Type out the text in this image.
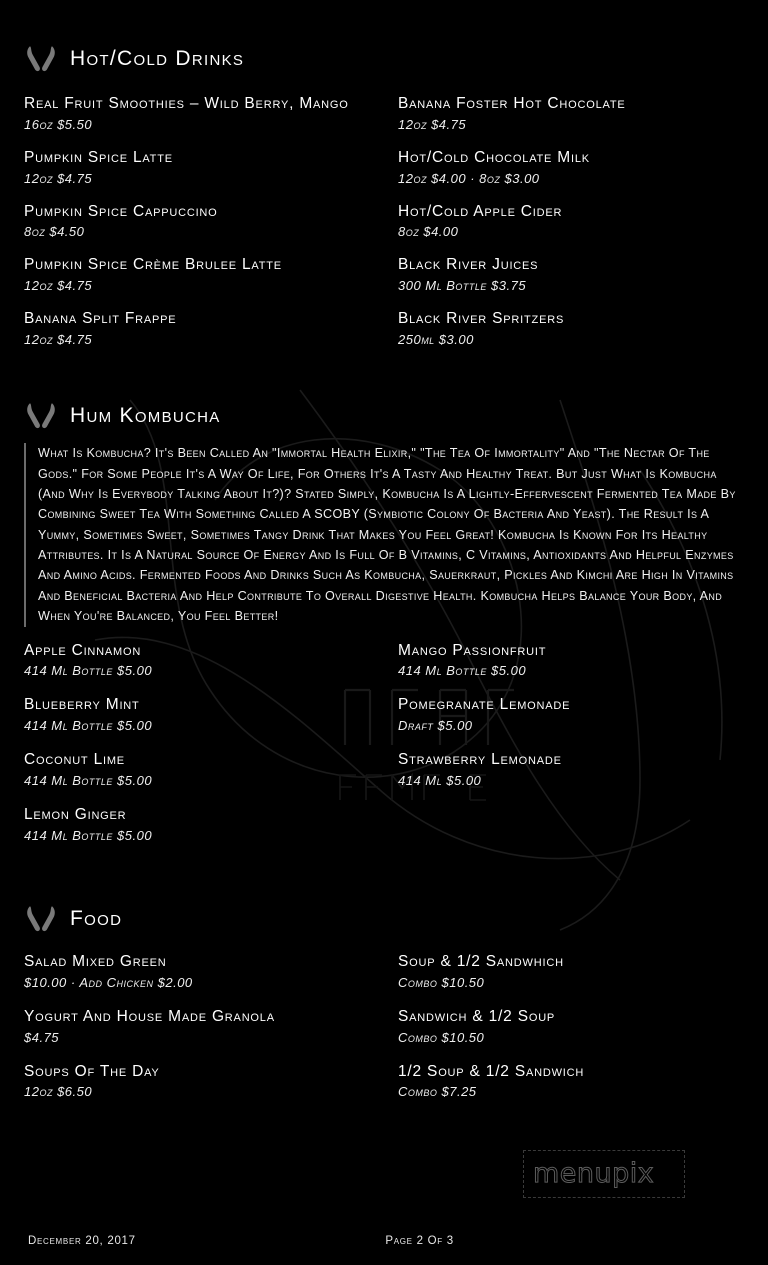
Hot/Cold Drinks
Real Fruit Smoothies – Wild Berry, Mango
16oz $5.50
Pumpkin Spice Latte
12oz $4.75
Pumpkin Spice Cappuccino
8oz $4.50
Pumpkin Spice Crème Brulee Latte
12oz $4.75
Banana Split Frappe
12oz $4.75
Banana Foster Hot Chocolate
12oz $4.75
Hot/Cold Chocolate Milk
12oz $4.00 · 8oz $3.00
Hot/Cold Apple Cider
8oz $4.00
Black River Juices
300 Ml Bottle $3.75
Black River Spritzers
250ml $3.00
Hum Kombucha
What Is Kombucha? It's Been Called An "Immortal Health Elixir," "The Tea Of Immortality" And "The Nectar Of The Gods." For Some People It's A Way Of Life, For Others It's A Tasty And Healthy Treat. But Just What Is Kombucha (And Why Is Everybody Talking About It?)? Stated Simply, Kombucha Is A Lightly-Effervescent Fermented Tea Made By Combining Sweet Tea With Something Called A SCOBY (Symbiotic Colony Of Bacteria And Yeast). The Result Is A Yummy, Sometimes Sweet, Sometimes Tangy Drink That Makes You Feel Great! Kombucha Is Known For Its Healthy Attributes. It Is A Natural Source Of Energy And Is Full Of B Vitamins, C Vitamins, Antioxidants And Helpful Enzymes And Amino Acids. Fermented Foods And Drinks Such As Kombucha, Sauerkraut, Pickles And Kimchi Are High In Vitamins And Beneficial Bacteria And Help Contribute To Overall Digestive Health. Kombucha Helps Balance Your Body, And When You're Balanced, You Feel Better!
Apple Cinnamon
414 Ml Bottle $5.00
Blueberry Mint
414 Ml Bottle $5.00
Coconut Lime
414 Ml Bottle $5.00
Lemon Ginger
414 Ml Bottle $5.00
Mango Passionfruit
414 Ml Bottle $5.00
Pomegranate Lemonade
Draft $5.00
Strawberry Lemonade
414 Ml $5.00
Food
Salad Mixed Green
$10.00 · Add Chicken $2.00
Yogurt And House Made Granola
$4.75
Soups Of The Day
12oz $6.50
Soup & 1/2 Sandwhich
Combo $10.50
Sandwich & 1/2 Soup
Combo $10.50
1/2 Soup & 1/2 Sandwich
Combo $7.25
menupix
December 20, 2017	Page 2 Of 3
